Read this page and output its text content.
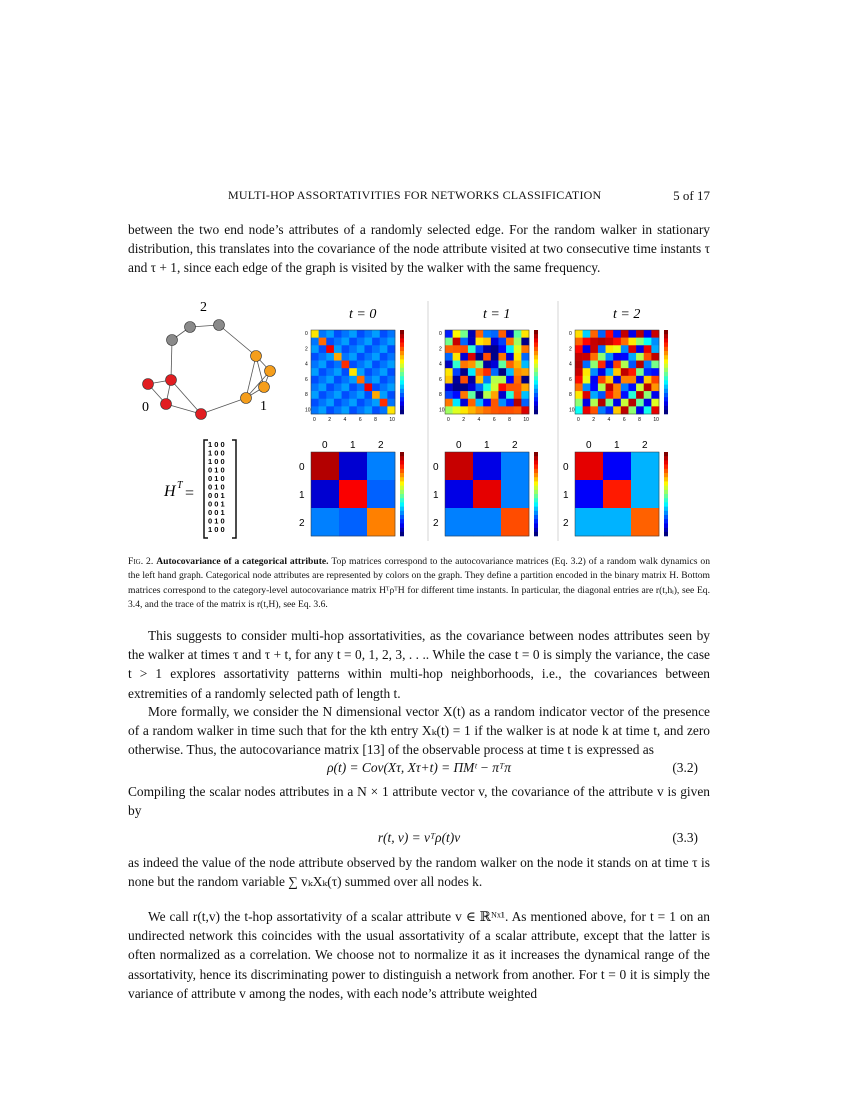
MULTI-HOP ASSORTATIVITIES FOR NETWORKS CLASSIFICATION	5 of 17

between the two end node’s attributes of a randomly selected edge. For the random walker in stationary distribution, this translates into the covariance of the node attribute visited at two consecutive time instants τ and τ + 1, since each edge of the graph is visited by the walker with the same frequency.

2
0	1
t = 0
0
0
2
2
4
4
6
6
8
8
10
10
0
0
1
1
2
2
t = 1
0
0
2
2
4
4
6
6
8
8
10
10
0
0
1
1
2
2
t = 2
0
0
2
2
4
4
6
6
8
8
10
10
0
0
1
1
2
2
H T =
1 0 0
1 0 0
1 0 0
0 1 0
0 1 0
0 1 0
0 0 1
0 0 1
0 0 1
0 1 0
1 0 0

Fig. 2. Autocovariance of a categorical attribute. Top matrices correspond to the autocovariance matrices (Eq. 3.2) of a random walk dynamics on the left hand graph. Categorical node attributes are represented by colors on the graph. They define a partition encoded in the binary matrix H. Bottom matrices correspond to the category-level autocovariance matrix HᵀρᵀH for different time instants. In particular, the diagonal entries are r(t,hᵢ), see Eq. 3.4, and the trace of the matrix is r(t,H), see Eq. 3.6.

This suggests to consider multi-hop assortativities, as the covariance between nodes attributes seen by the walker at times τ and τ + t, for any t = 0, 1, 2, 3, . . .. While the case t = 0 is simply the variance, the case t > 1 explores assortativity patterns within multi-hop neighborhoods, i.e., the covariances between extremities of a randomly selected path of length t.

More formally, we consider the N dimensional vector X(t) as a random indicator vector of the presence of a random walker in time such that for the kth entry Xₖ(t) = 1 if the walker is at node k at time t, and zero otherwise. Thus, the autocovariance matrix [13] of the observable process at time t is expressed as

ρ(t) = Cov(Xτ, Xτ+t) = ΠMᵗ − πᵀπ	(3.2)

Compiling the scalar nodes attributes in a N × 1 attribute vector v, the covariance of the attribute v is given by

r(t, v) = vᵀρ(t)v	(3.3)

as indeed the value of the node attribute observed by the random walker on the node it stands on at time τ is none but the random variable ∑ vₖXₖ(τ) summed over all nodes k.

We call r(t,v) the t-hop assortativity of a scalar attribute v ∈ ℝᴺˣ¹. As mentioned above, for t = 1 on an undirected network this coincides with the usual assortativity of a scalar attribute, except that the latter is often normalized as a correlation. We choose not to normalize it as it increases the dynamical range of the assortativity, hence its discriminating power to distinguish a network from another. For t = 0 it is simply the variance of attribute v among the nodes, with each node’s attribute weighted
